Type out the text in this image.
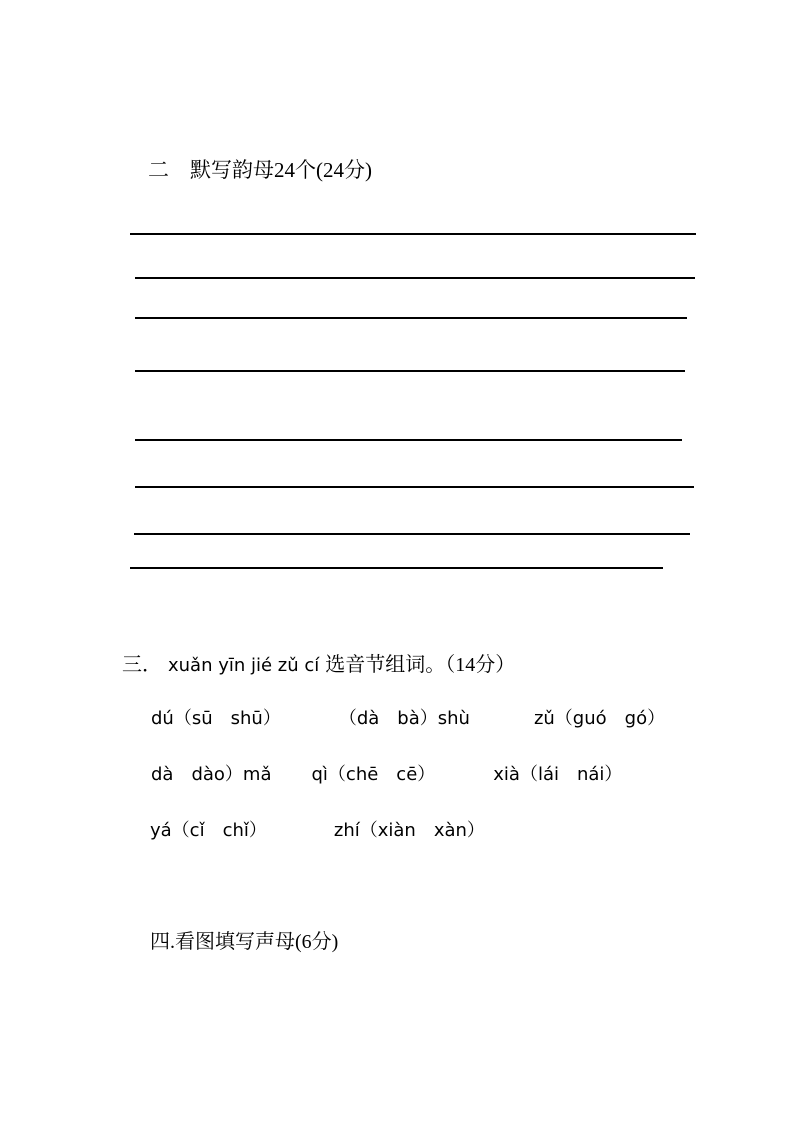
二　默写韵母24个(24分)
三． xuǎn yīn jié zǔ cí 选音节组词。（14分）
dú（sū　shū）	（dà　bà）shù	zǔ（guó　gó）
dà　dào）mǎ qì（chē　cē）	xià（lái　nái）
yá（cǐ　chǐ）	zhí（xiàn　xàn）
四.看图填写声母(6分)
